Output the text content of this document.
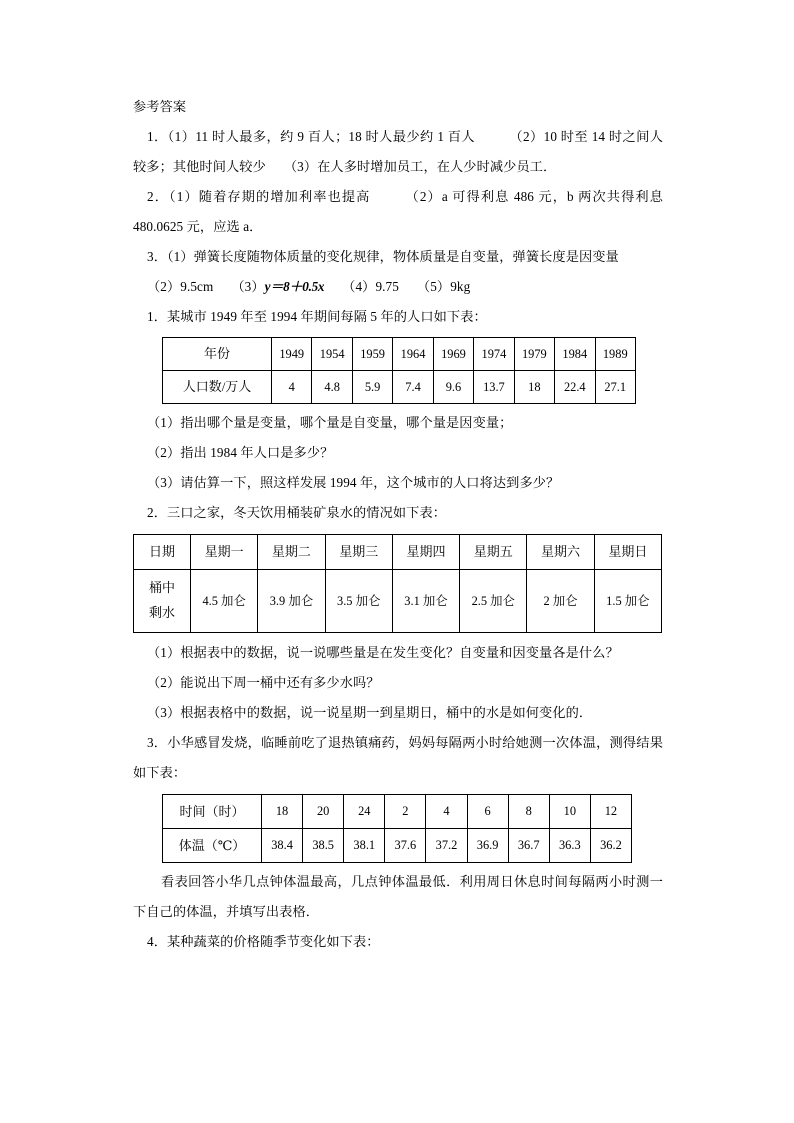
参考答案

1．（1）11 时人最多，约 9 百人；18 时人最少约 1 百人	（2）10 时至 14 时之间人较多；其他时间人较少 （3）在人多时增加员工，在人少时减少员工．

2．（1）随着存期的增加利率也提高	（2）a 可得利息 486 元，b 两次共得利息 480.0625 元，应选 a．

3．（1）弹簧长度随物体质量的变化规律，物体质量是自变量，弹簧长度是因变量

（2）9.5cm （3）y＝8＋0.5x （4）9.75 （5）9kg

1．某城市 1949 年至 1994 年期间每隔 5 年的人口如下表：

年份	1949	1954	1959	1964	1969	1974	1979	1984	1989
人口数/万人	4	4.8	5.9	7.4	9.6	13.7	18	22.4	27.1

（1）指出哪个量是变量，哪个量是自变量，哪个量是因变量；

（2）指出 1984 年人口是多少？

（3）请估算一下，照这样发展 1994 年，这个城市的人口将达到多少？

2．三口之家，冬天饮用桶装矿泉水的情况如下表：

日期	星期一	星期二	星期三	星期四	星期五	星期六	星期日
桶中
剩水	4.5 加仑	3.9 加仑	3.5 加仑	3.1 加仑	2.5 加仑	2 加仑	1.5 加仑

（1）根据表中的数据，说一说哪些量是在发生变化？自变量和因变量各是什么？

（2）能说出下周一桶中还有多少水吗？

（3）根据表格中的数据，说一说星期一到星期日，桶中的水是如何变化的．

3．小华感冒发烧，临睡前吃了退热镇痛药，妈妈每隔两小时给她测一次体温，测得结果如下表：

时间（时）	18	20	24	2	4	6	8	10	12
体温（℃）	38.4	38.5	38.1	37.6	37.2	36.9	36.7	36.3	36.2

看表回答小华几点钟体温最高，几点钟体温最低．利用周日休息时间每隔两小时测一下自己的体温，并填写出表格．

4．某种蔬菜的价格随季节变化如下表：
